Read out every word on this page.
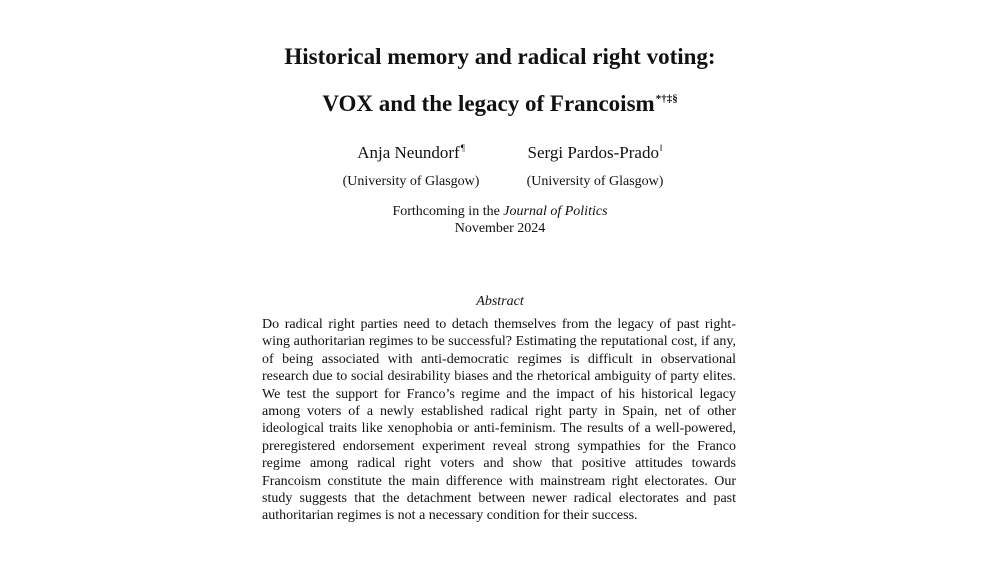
Historical memory and radical right voting:
VOX and the legacy of Francoism*†‡§
Anja Neundorf¶
(University of Glasgow)
Sergi Pardos-Prado‖
(University of Glasgow)
Forthcoming in the Journal of Politics
November 2024
Abstract

Do radical right parties need to detach themselves from the legacy of past right-wing authoritarian regimes to be successful? Estimating the reputational cost, if any, of being associated with anti-democratic regimes is difficult in observational research due to social desirability biases and the rhetorical ambiguity of party elites. We test the support for Franco’s regime and the impact of his historical legacy among voters of a newly established radical right party in Spain, net of other ideological traits like xenophobia or anti-feminism. The results of a well-powered, preregistered endorsement experiment reveal strong sympathies for the Franco regime among radical right voters and show that positive attitudes towards Francoism constitute the main difference with mainstream right electorates. Our study suggests that the detachment between newer radical electorates and past authoritarian regimes is not a necessary condition for their success.
